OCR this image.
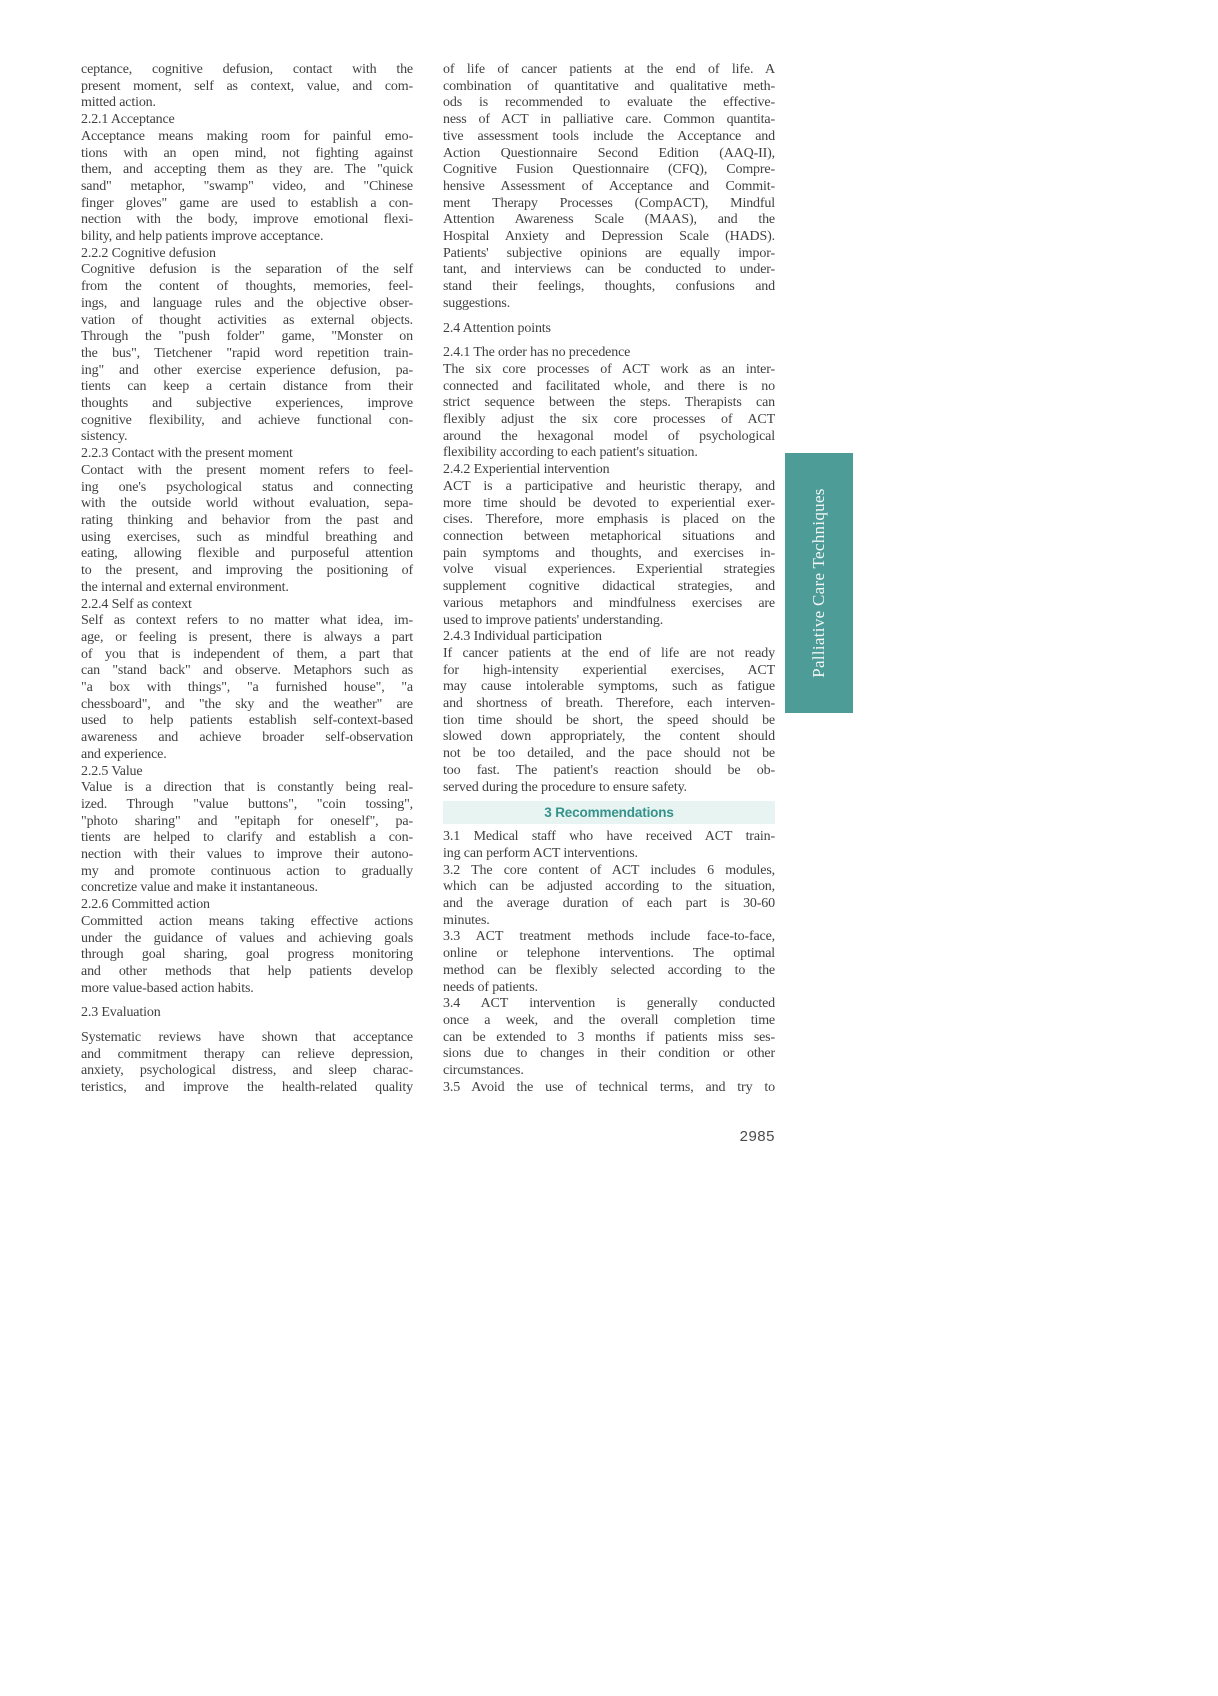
ceptance, cognitive defusion, contact with the
present moment, self as context, value, and com-
mitted action.
2.2.1 Acceptance
Acceptance means making room for painful emo-
tions with an open mind, not fighting against
them, and accepting them as they are. The "quick
sand" metaphor, "swamp" video, and "Chinese
finger gloves" game are used to establish a con-
nection with the body, improve emotional flexi-
bility, and help patients improve acceptance.
2.2.2 Cognitive defusion
Cognitive defusion is the separation of the self
from the content of thoughts, memories, feel-
ings, and language rules and the objective obser-
vation of thought activities as external objects.
Through the "push folder" game, "Monster on
the bus", Tietchener "rapid word repetition train-
ing" and other exercise experience defusion, pa-
tients can keep a certain distance from their
thoughts and subjective experiences, improve
cognitive flexibility, and achieve functional con-
sistency.
2.2.3 Contact with the present moment
Contact with the present moment refers to feel-
ing one's psychological status and connecting
with the outside world without evaluation, sepa-
rating thinking and behavior from the past and
using exercises, such as mindful breathing and
eating, allowing flexible and purposeful attention
to the present, and improving the positioning of
the internal and external environment.
2.2.4 Self as context
Self as context refers to no matter what idea, im-
age, or feeling is present, there is always a part
of you that is independent of them, a part that
can "stand back" and observe. Metaphors such as
"a box with things", "a furnished house", "a
chessboard", and "the sky and the weather" are
used to help patients establish self-context-based
awareness and achieve broader self-observation
and experience.
2.2.5 Value
Value is a direction that is constantly being real-
ized. Through "value buttons", "coin tossing",
"photo sharing" and "epitaph for oneself", pa-
tients are helped to clarify and establish a con-
nection with their values to improve their autono-
my and promote continuous action to gradually
concretize value and make it instantaneous.
2.2.6 Committed action
Committed action means taking effective actions
under the guidance of values and achieving goals
through goal sharing, goal progress monitoring
and other methods that help patients develop
more value-based action habits.
2.3 Evaluation
Systematic reviews have shown that acceptance
and commitment therapy can relieve depression,
anxiety, psychological distress, and sleep charac-
teristics, and improve the health-related quality
of life of cancer patients at the end of life. A
combination of quantitative and qualitative meth-
ods is recommended to evaluate the effective-
ness of ACT in palliative care. Common quantita-
tive assessment tools include the Acceptance and
Action Questionnaire Second Edition (AAQ-II),
Cognitive Fusion Questionnaire (CFQ), Compre-
hensive Assessment of Acceptance and Commit-
ment Therapy Processes (CompACT), Mindful
Attention Awareness Scale (MAAS), and the
Hospital Anxiety and Depression Scale (HADS).
Patients' subjective opinions are equally impor-
tant, and interviews can be conducted to under-
stand their feelings, thoughts, confusions and
suggestions.
2.4 Attention points
2.4.1 The order has no precedence
The six core processes of ACT work as an inter-
connected and facilitated whole, and there is no
strict sequence between the steps. Therapists can
flexibly adjust the six core processes of ACT
around the hexagonal model of psychological
flexibility according to each patient's situation.
2.4.2 Experiential intervention
ACT is a participative and heuristic therapy, and
more time should be devoted to experiential exer-
cises. Therefore, more emphasis is placed on the
connection between metaphorical situations and
pain symptoms and thoughts, and exercises in-
volve visual experiences. Experiential strategies
supplement cognitive didactical strategies, and
various metaphors and mindfulness exercises are
used to improve patients' understanding.
2.4.3 Individual participation
If cancer patients at the end of life are not ready
for high-intensity experiential exercises, ACT
may cause intolerable symptoms, such as fatigue
and shortness of breath. Therefore, each interven-
tion time should be short, the speed should be
slowed down appropriately, the content should
not be too detailed, and the pace should not be
too fast. The patient's reaction should be ob-
served during the procedure to ensure safety.
3 Recommendations
3.1 Medical staff who have received ACT train-
ing can perform ACT interventions.
3.2 The core content of ACT includes 6 modules,
which can be adjusted according to the situation,
and the average duration of each part is 30-60
minutes.
3.3 ACT treatment methods include face-to-face,
online or telephone interventions. The optimal
method can be flexibly selected according to the
needs of patients.
3.4 ACT intervention is generally conducted
once a week, and the overall completion time
can be extended to 3 months if patients miss ses-
sions due to changes in their condition or other
circumstances.
3.5 Avoid the use of technical terms, and try to
Palliative Care Techniques
2985
